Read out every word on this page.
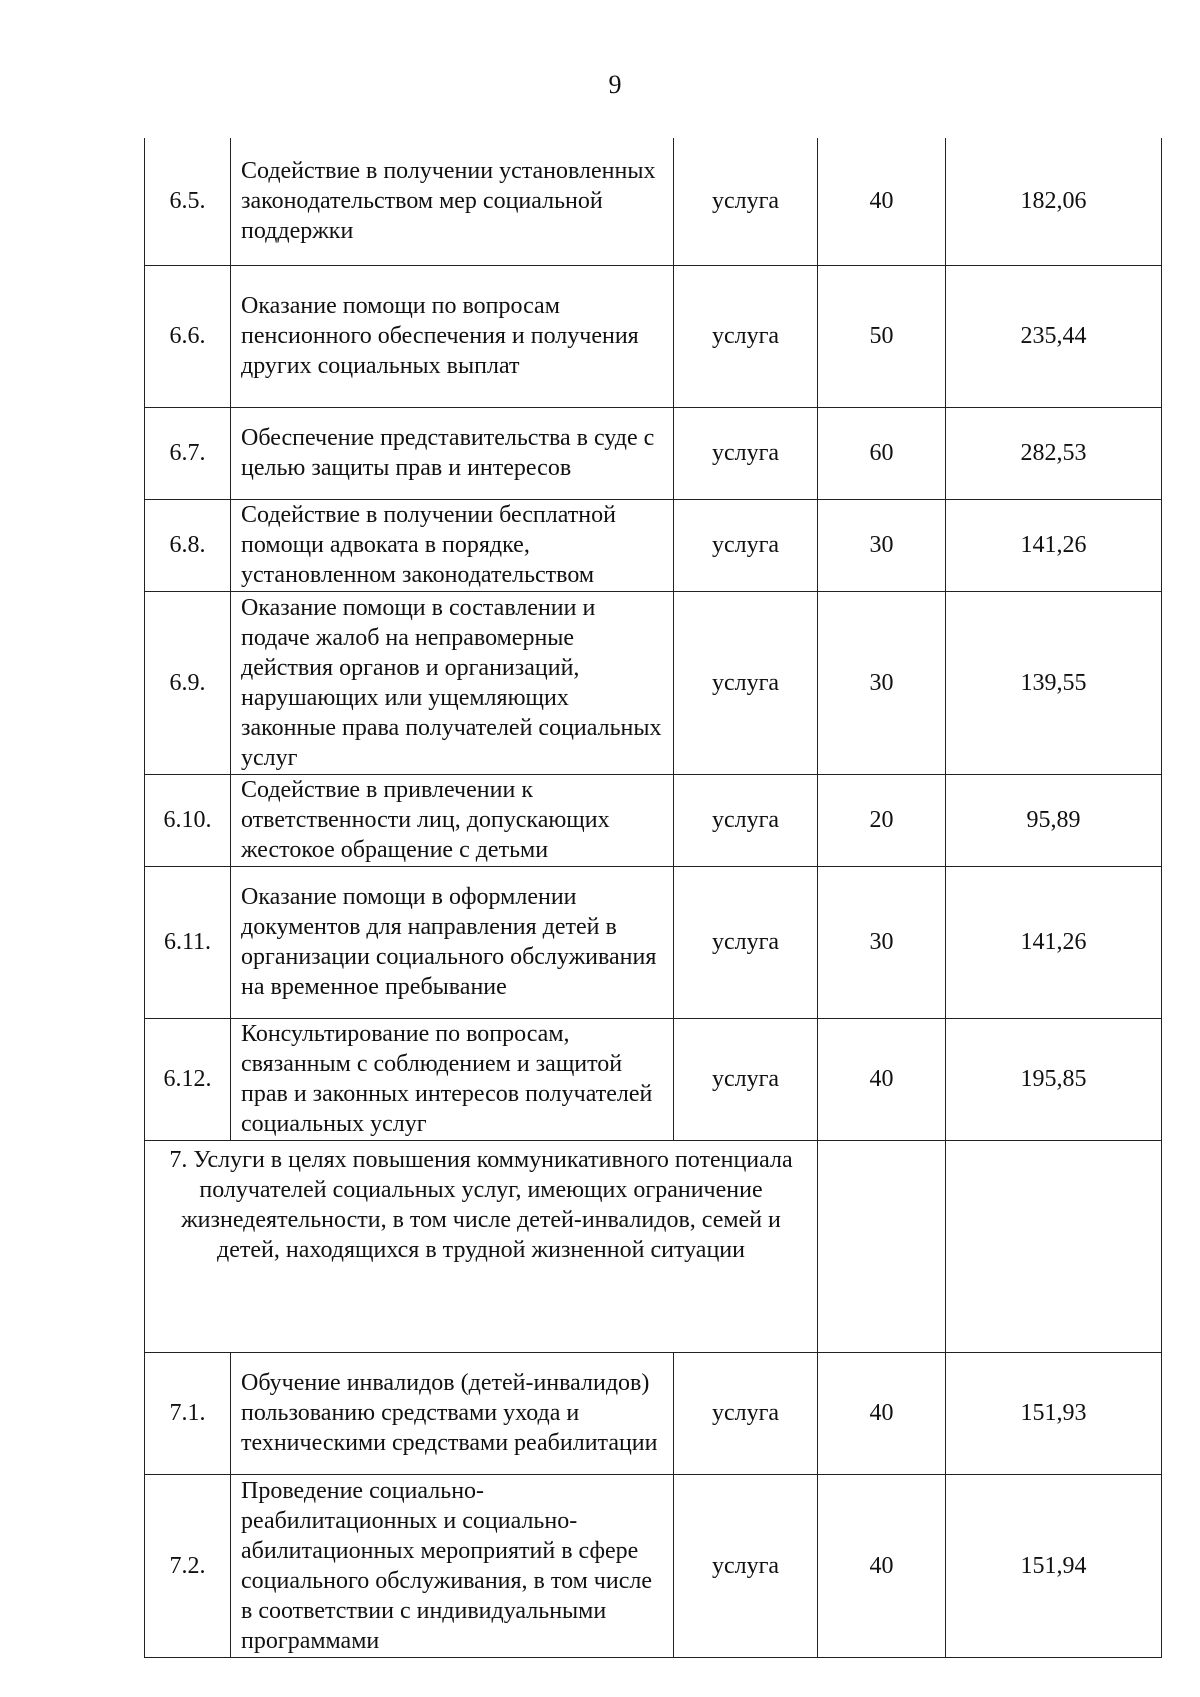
9
6.5.	Содействие в получении установленных законодательством мер социальной поддержки	услуга	40	182,06
6.6.	Оказание помощи по вопросам пенсионного обеспечения и получения других социальных выплат	услуга	50	235,44
6.7.	Обеспечение представительства в суде с целью защиты прав и интересов	услуга	60	282,53
6.8.	Содействие в получении бесплатной помощи адвоката в порядке, установленном законодательством	услуга	30	141,26
6.9.	Оказание помощи в составлении и подаче жалоб на неправомерные действия органов и организаций, нарушающих или ущемляющих законные права получателей социальных услуг	услуга	30	139,55
6.10.	Содействие в привлечении к ответственности лиц, допускающих жестокое обращение с детьми	услуга	20	95,89
6.11.	Оказание помощи в оформлении документов для направления детей в организации социального обслуживания на временное пребывание	услуга	30	141,26
6.12.	Консультирование по вопросам, связанным с соблюдением и защитой прав и законных интересов получателей социальных услуг	услуга	40	195,85
7. Услуги в целях повышения коммуникативного потенциала получателей социальных услуг, имеющих ограничение жизнедеятельности, в том числе детей-инвалидов, семей и детей, находящихся в трудной жизненной ситуации				
7.1.	Обучение инвалидов (детей-инвалидов) пользованию средствами ухода и техническими средствами реабилитации	услуга	40	151,93
7.2.	Проведение социально-реабилитационных и социально-абилитационных мероприятий в сфере социального обслуживания, в том числе в соответствии с индивидуальными программами	услуга	40	151,94
